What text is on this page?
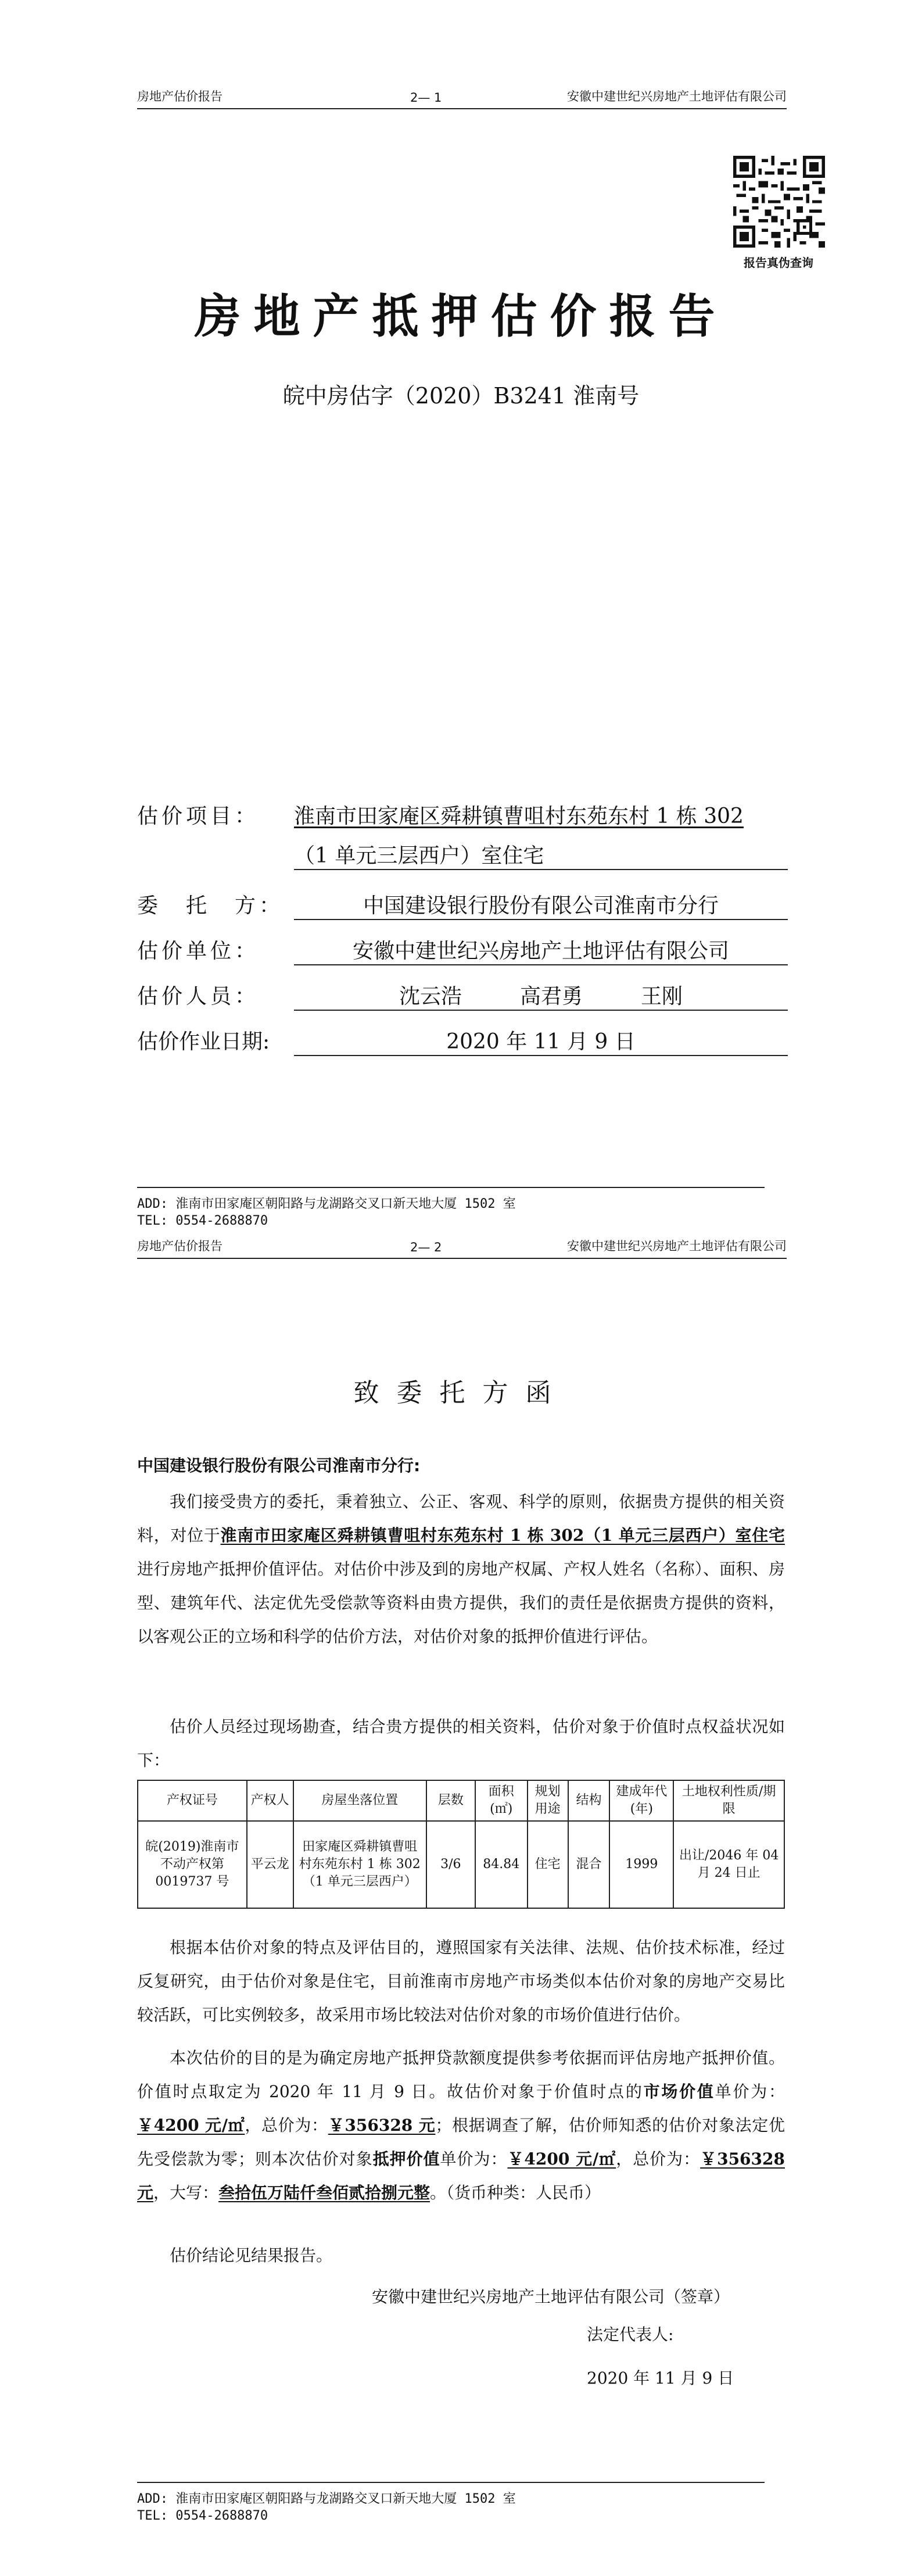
房地产估价报告	2— 1	安徽中建世纪兴房地产土地评估有限公司
报告真伪查询
房地产抵押估价报告
皖中房估字（2020）B3241 淮南号
估价项目： 淮南市田家庵区舜耕镇曹咀村东苑东村 1 栋 302
（1 单元三层西户）室住宅
委　托　方：	中国建设银行股份有限公司淮南市分行
估价单位：	安徽中建世纪兴房地产土地评估有限公司
估价人员：	沈云浩	高君勇	王刚
估价作业日期:	2020 年 11 月 9 日
ADD: 淮南市田家庵区朝阳路与龙湖路交叉口新天地大厦 1502 室
TEL: 0554-2688870
房地产估价报告	2— 2	安徽中建世纪兴房地产土地评估有限公司
致委托方函
中国建设银行股份有限公司淮南市分行:
我们接受贵方的委托，秉着独立、公正、客观、科学的原则，依据贵方提供的相关资料，对位于淮南市田家庵区舜耕镇曹咀村东苑东村 1 栋 302（1 单元三层西户）室住宅进行房地产抵押价值评估。对估价中涉及到的房地产权属、产权人姓名（名称）、面积、房型、建筑年代、法定优先受偿款等资料由贵方提供，我们的责任是依据贵方提供的资料，以客观公正的立场和科学的估价方法，对估价对象的抵押价值进行评估。
估价人员经过现场勘查，结合贵方提供的相关资料，估价对象于价值时点权益状况如下：
产权证号	产权人	房屋坐落位置	层数	面积(㎡)	规划用途	结构	建成年代(年)	土地权利性质/期限
皖(2019)淮南市不动产权第 0019737 号	平云龙	田家庵区舜耕镇曹咀村东苑东村 1 栋 302（1 单元三层西户）	3/6	84.84	住宅	混合	1999	出让/2046 年 04 月 24 日止
根据本估价对象的特点及评估目的，遵照国家有关法律、法规、估价技术标准，经过反复研究，由于估价对象是住宅，目前淮南市房地产市场类似本估价对象的房地产交易比较活跃，可比实例较多，故采用市场比较法对估价对象的市场价值进行估价。
本次估价的目的是为确定房地产抵押贷款额度提供参考依据而评估房地产抵押价值。价值时点取定为 2020 年 11 月 9 日。故估价对象于价值时点的市场价值单价为：￥4200 元/㎡，总价为：￥356328 元；根据调查了解，估价师知悉的估价对象法定优先受偿款为零；则本次估价对象抵押价值单价为：￥4200 元/㎡，总价为：￥356328 元，大写：叁拾伍万陆仟叁佰贰拾捌元整。（货币种类：人民币）
估价结论见结果报告。
安徽中建世纪兴房地产土地评估有限公司（签章）
法定代表人:
2020 年 11 月 9 日
ADD: 淮南市田家庵区朝阳路与龙湖路交叉口新天地大厦 1502 室
TEL: 0554-2688870
